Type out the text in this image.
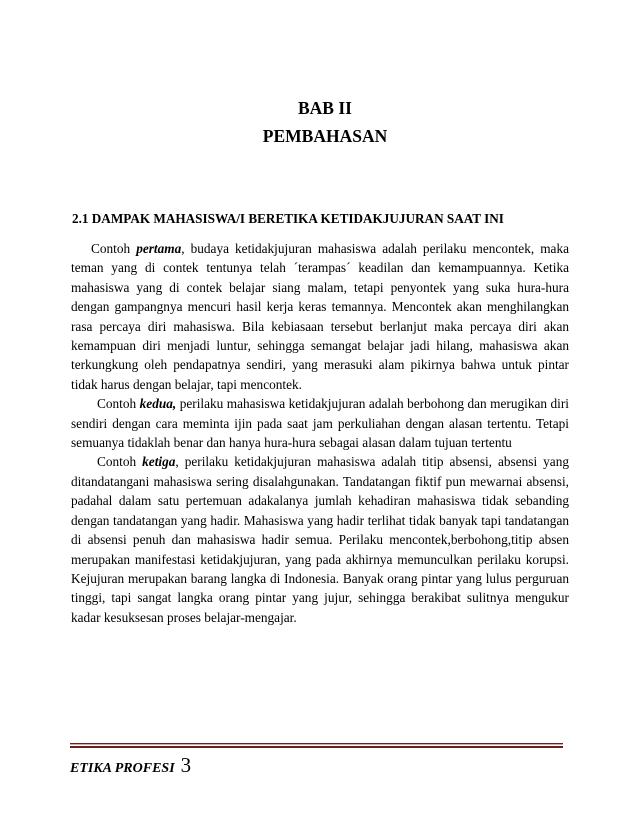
BAB II
PEMBAHASAN
2.1 DAMPAK MAHASISWA/I BERETIKA KETIDAKJUJURAN SAAT INI

Contoh pertama, budaya ketidakjujuran mahasiswa adalah perilaku mencontek, maka teman yang di contek tentunya telah ´terampas´ keadilan dan kemampuannya. Ketika mahasiswa yang di contek belajar siang malam, tetapi penyontek yang suka hura-hura dengan gampangnya mencuri hasil kerja keras temannya. Mencontek akan menghilangkan rasa percaya diri mahasiswa. Bila kebiasaan tersebut berlanjut maka percaya diri akan kemampuan diri menjadi luntur, sehingga semangat belajar jadi hilang, mahasiswa akan terkungkung oleh pendapatnya sendiri, yang merasuki alam pikirnya bahwa untuk pintar tidak harus dengan belajar, tapi mencontek.

Contoh kedua, perilaku mahasiswa ketidakjujuran adalah berbohong dan merugikan diri sendiri dengan cara meminta ijin pada saat jam perkuliahan dengan alasan tertentu. Tetapi semuanya tidaklah benar dan hanya hura-hura sebagai alasan dalam tujuan tertentu

Contoh ketiga, perilaku ketidakjujuran mahasiswa adalah titip absensi, absensi yang ditandatangani mahasiswa sering disalahgunakan. Tandatangan fiktif pun mewarnai absensi, padahal dalam satu pertemuan adakalanya jumlah kehadiran mahasiswa tidak sebanding dengan tandatangan yang hadir. Mahasiswa yang hadir terlihat tidak banyak tapi tandatangan di absensi penuh dan mahasiswa hadir semua. Perilaku mencontek,berbohong,titip absen merupakan manifestasi ketidakjujuran, yang pada akhirnya memunculkan perilaku korupsi. Kejujuran merupakan barang langka di Indonesia. Banyak orang pintar yang lulus perguruan tinggi, tapi sangat langka orang pintar yang jujur, sehingga berakibat sulitnya mengukur kadar kesuksesan proses belajar-mengajar.

ETIKA PROFESI 3
